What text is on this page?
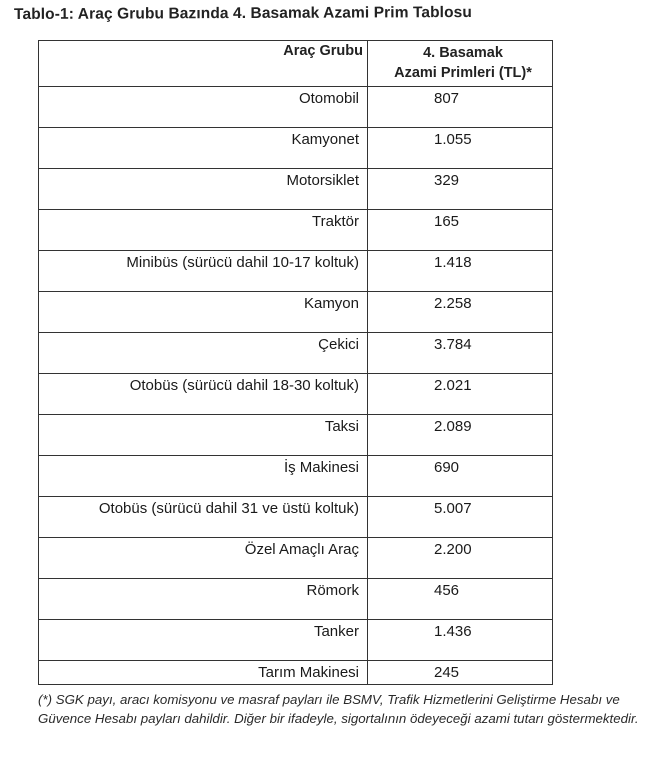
Tablo-1: Araç Grubu Bazında 4. Basamak Azami Prim Tablosu
Araç Grubu	4. Basamak
Azami Primleri (TL)*
Otomobil	807
Kamyonet	1.055
Motorsiklet	329
Traktör	165
Minibüs (sürücü dahil 10-17 koltuk)	1.418
Kamyon	2.258
Çekici	3.784
Otobüs (sürücü dahil 18-30 koltuk)	2.021
Taksi	2.089
İş Makinesi	690
Otobüs (sürücü dahil 31 ve üstü koltuk)	5.007
Özel Amaçlı Araç	2.200
Römork	456
Tanker	1.436
Tarım Makinesi	245
(*) SGK payı, aracı komisyonu ve masraf payları ile BSMV, Trafik Hizmetlerini Geliştirme Hesabı ve Güvence Hesabı payları dahildir. Diğer bir ifadeyle, sigortalının ödeyeceği azami tutarı göstermektedir.
